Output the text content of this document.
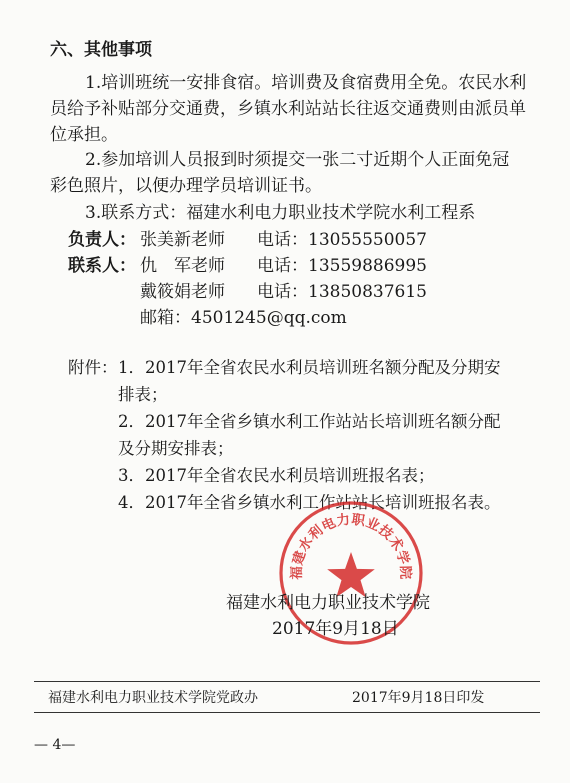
六、其他事项
1.培训班统一安排食宿。培训费及食宿费用全免。农民水利
员给予补贴部分交通费，乡镇水利站站长往返交通费则由派员单
位承担。
2.参加培训人员报到时须提交一张二寸近期个人正面免冠
彩色照片，以便办理学员培训证书。
3.联系方式：福建水利电力职业技术学院水利工程系
负责人： 张美新老师 电话：13055550057
联系人： 仇　军老师 电话：13559886995
戴筱娟老师 电话：13850837615
邮箱：4501245@qq.com
附件： 1．2017年全省农民水利员培训班名额分配及分期安
排表；
2．2017年全省乡镇水利工作站站长培训班名额分配
及分期安排表；
3．2017年全省农民水利员培训班报名表；
4．2017年全省乡镇水利工作站站长培训班报名表。
福建水利电力职业技术学院
福建水利电力职业技术学院
2017年9月18日
福建水利电力职业技术学院党政办	2017年9月18日印发
— 4—
